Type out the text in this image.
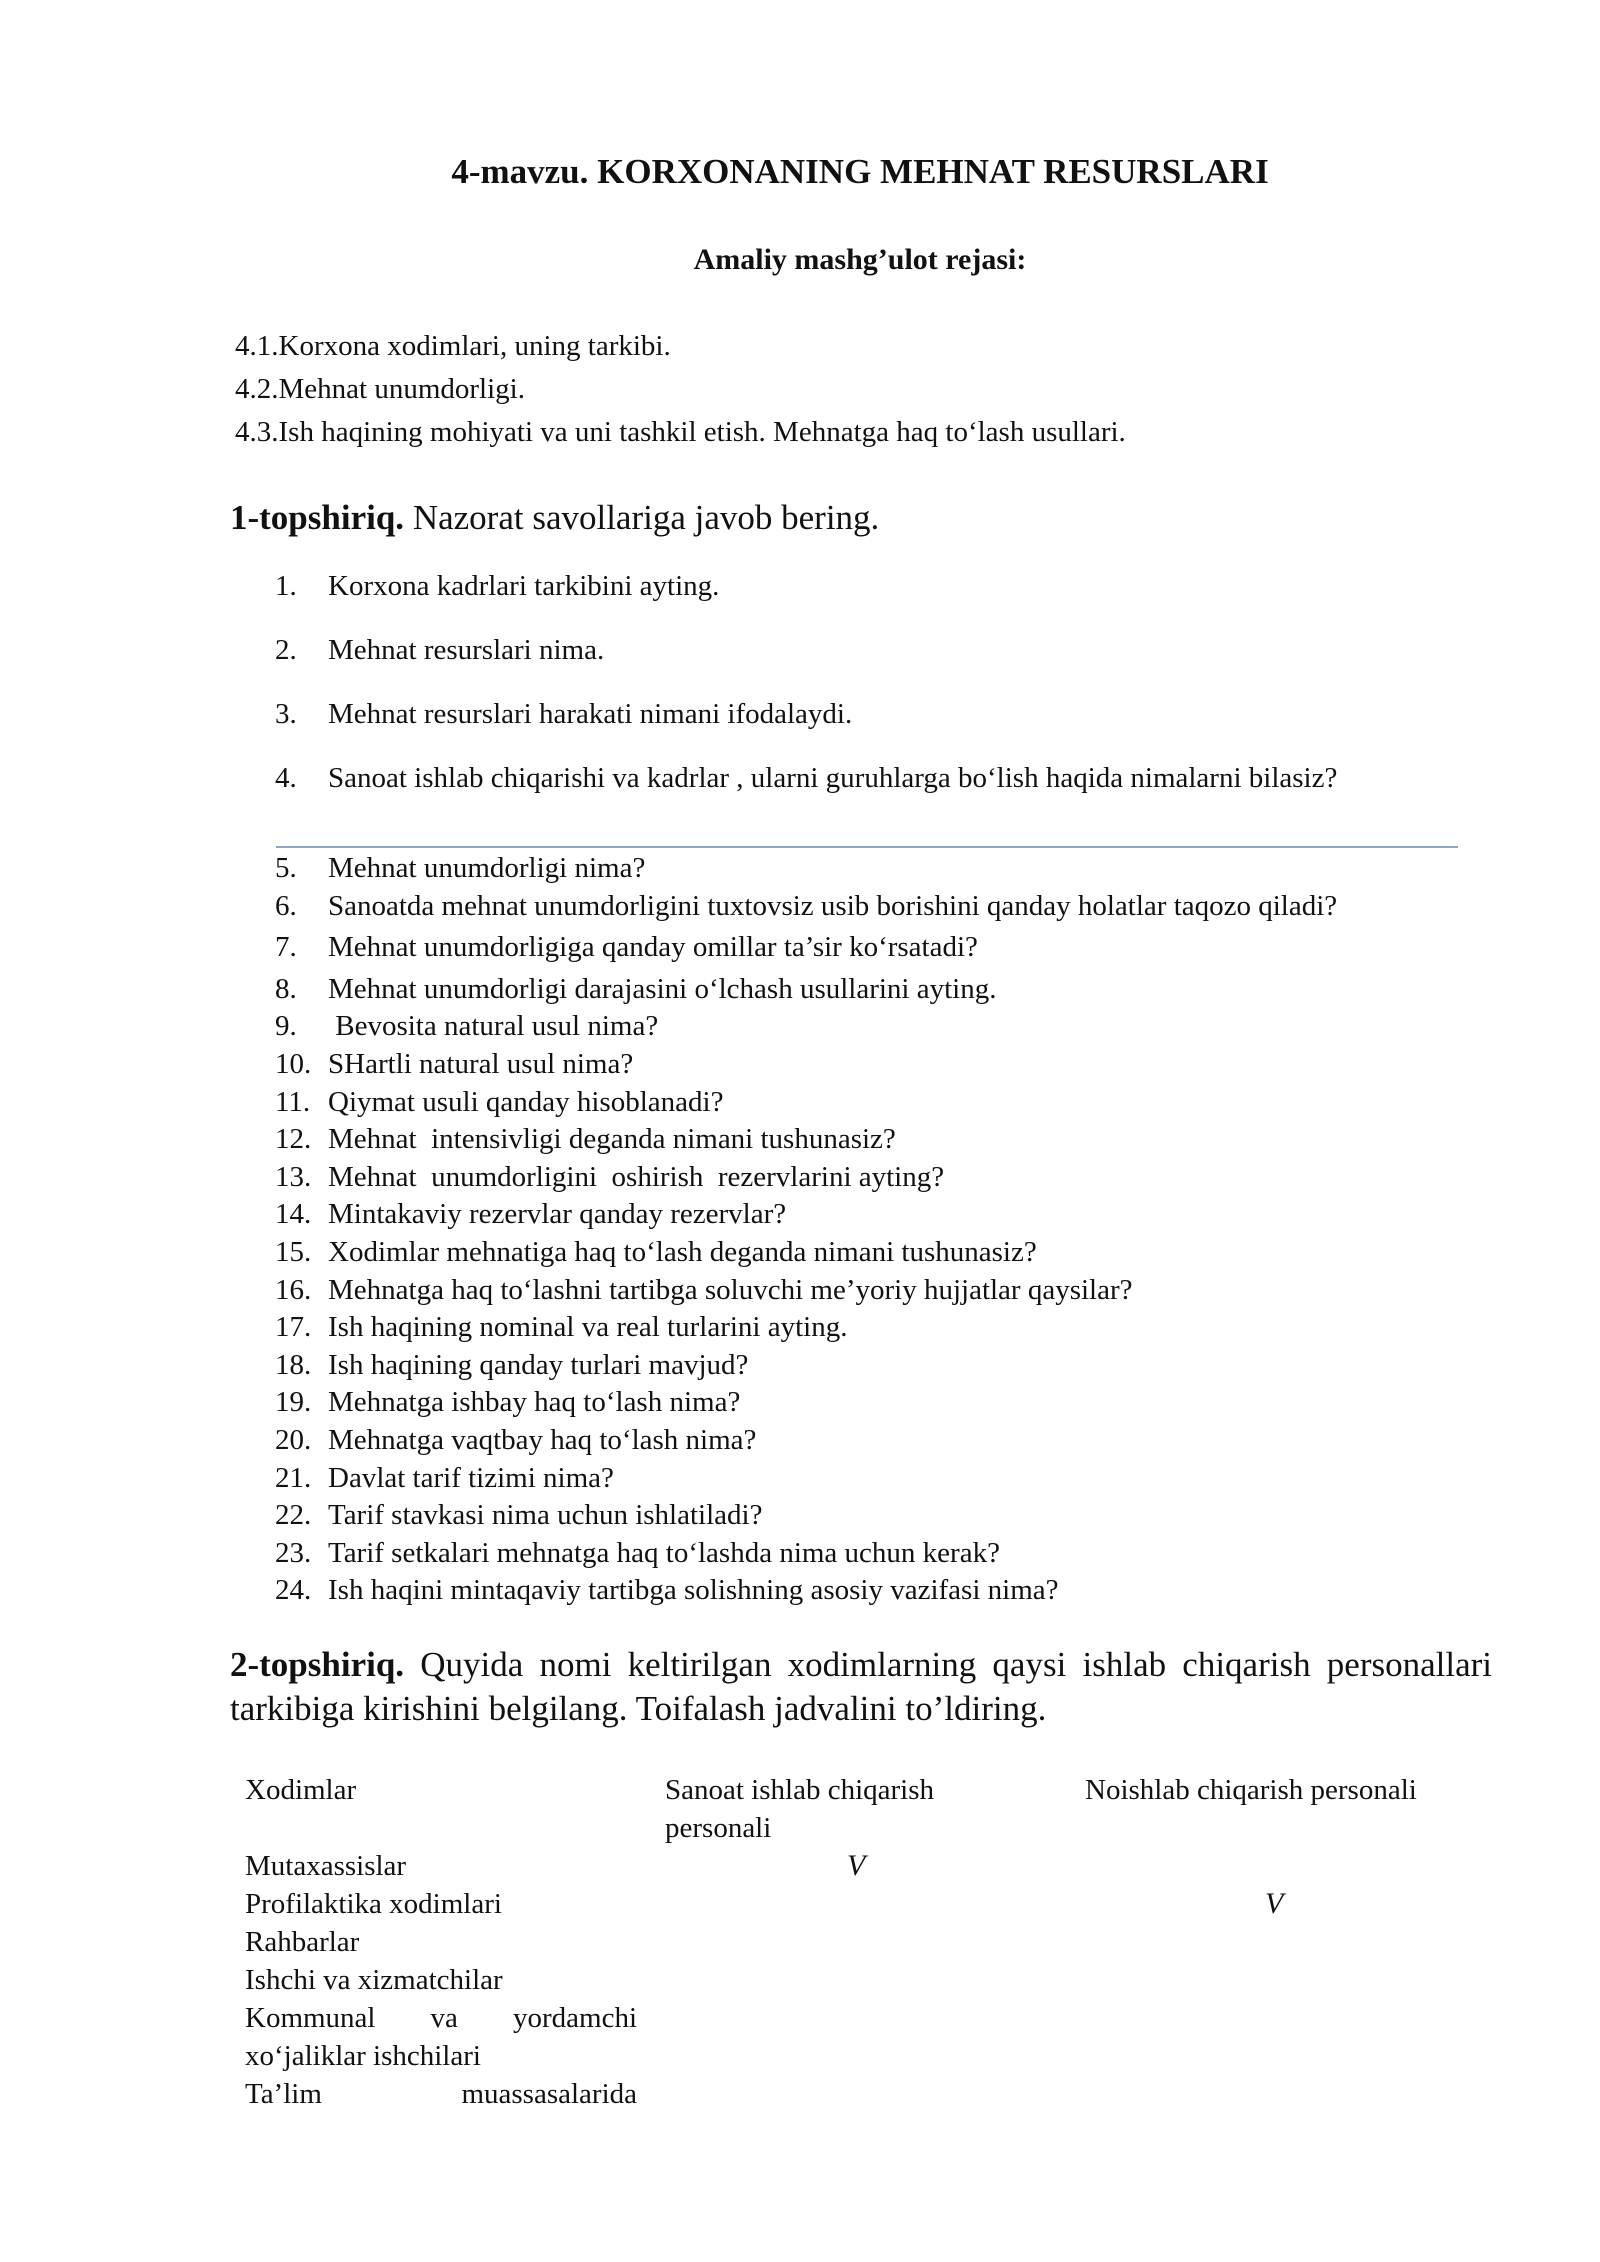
4-mavzu. KORXONANING MEHNAT RESURSLARI
Amaliy mashg’ulot rejasi:
4.1.Korxona xodimlari, uning tarkibi.
4.2.Mehnat unumdorligi.
4.3.Ish haqining mohiyati va uni tashkil etish. Mehnatga haq to‘lash usullari.
1-topshiriq. Nazorat savollariga javob bering.
1. Korxona kadrlari tarkibini ayting.
2. Mehnat resurslari nima.
3. Mehnat resurslari harakati nimani ifodalaydi.
4. Sanoat ishlab chiqarishi va kadrlar , ularni guruhlarga bo‘lish haqida nimalarni bilasiz?
5. Mehnat unumdorligi nima?
6. Sanoatda mehnat unumdorligini tuxtovsiz usib borishini qanday holatlar taqozo qiladi?
7. Mehnat unumdorligiga qanday omillar ta’sir ko‘rsatadi?
8. Mehnat unumdorligi darajasini o‘lchash usullarini ayting.
9. Bevosita natural usul nima?
10. SHartli natural usul nima?
11. Qiymat usuli qanday hisoblanadi?
12. Mehnat  intensivligi deganda nimani tushunasiz?
13. Mehnat  unumdorligini  oshirish  rezervlarini ayting?
14. Mintakaviy rezervlar qanday rezervlar?
15. Xodimlar mehnatiga haq to‘lash deganda nimani tushunasiz?
16. Mehnatga haq to‘lashni tartibga soluvchi me’yoriy hujjatlar qaysilar?
17. Ish haqining nominal va real turlarini ayting.
18. Ish haqining qanday turlari mavjud?
19. Mehnatga ishbay haq to‘lash nima?
20. Mehnatga vaqtbay haq to‘lash nima?
21. Davlat tarif tizimi nima?
22. Tarif stavkasi nima uchun ishlatiladi?
23. Tarif setkalari mehnatga haq to‘lashda nima uchun kerak?
24. Ish haqini mintaqaviy tartibga solishning asosiy vazifasi nima?
2-topshiriq. Quyida nomi keltirilgan xodimlarning qaysi ishlab chiqarish personallari tarkibiga kirishini belgilang. Toifalash jadvalini to’ldiring.
Xodimlar	Sanoat ishlab chiqarish personali
Noishlab chiqarish personali
Mutaxassislar
Profilaktika xodimlari
Rahbarlar
Ishchi va xizmatchilar
Kommunal va yordamchi xo‘jaliklar ishchilari
Ta’lim muassasalarida
V
V
